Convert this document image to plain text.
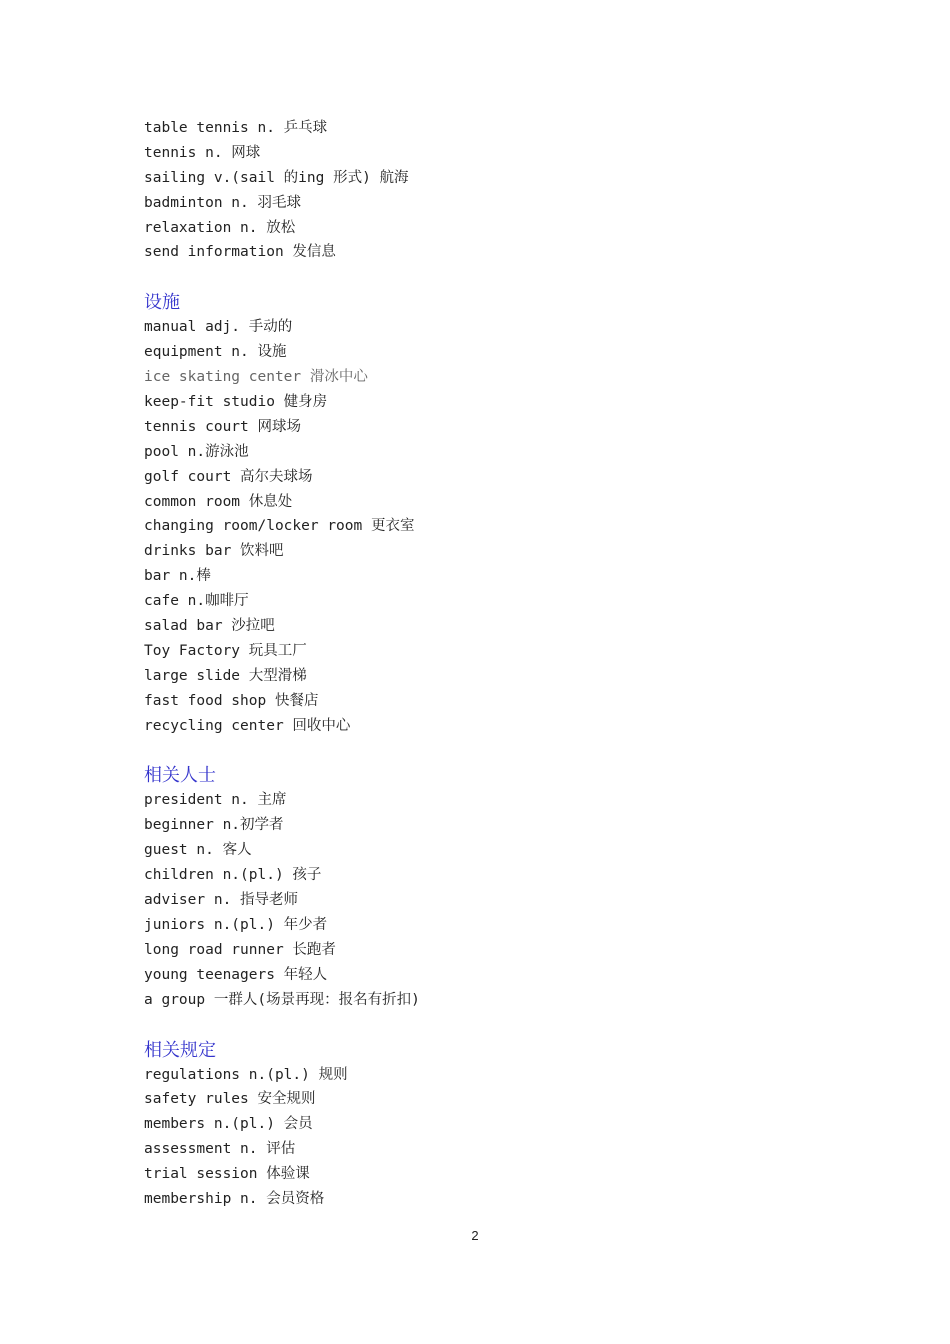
table tennis n. 乒乓球
tennis n. 网球
sailing v.(sail 的ing 形式) 航海
badminton n. 羽毛球
relaxation n. 放松
send information 发信息
设施
manual adj. 手动的
equipment n. 设施
ice skating center 滑冰中心
keep-fit studio 健身房
tennis court 网球场
pool n.游泳池
golf court 高尔夫球场
common room 休息处
changing room/locker room 更衣室
drinks bar 饮料吧
bar n.棒
cafe n.咖啡厅
salad bar 沙拉吧
Toy Factory 玩具工厂
large slide 大型滑梯
fast food shop 快餐店
recycling center 回收中心
相关人士
president n. 主席
beginner n.初学者
guest n. 客人
children n.(pl.) 孩子
adviser n. 指导老师
juniors n.(pl.) 年少者
long road runner 长跑者
young teenagers 年轻人
a group 一群人(场景再现：报名有折扣)
相关规定
regulations n.(pl.) 规则
safety rules 安全规则
members n.(pl.) 会员
assessment n. 评估
trial session 体验课
membership n. 会员资格
2
